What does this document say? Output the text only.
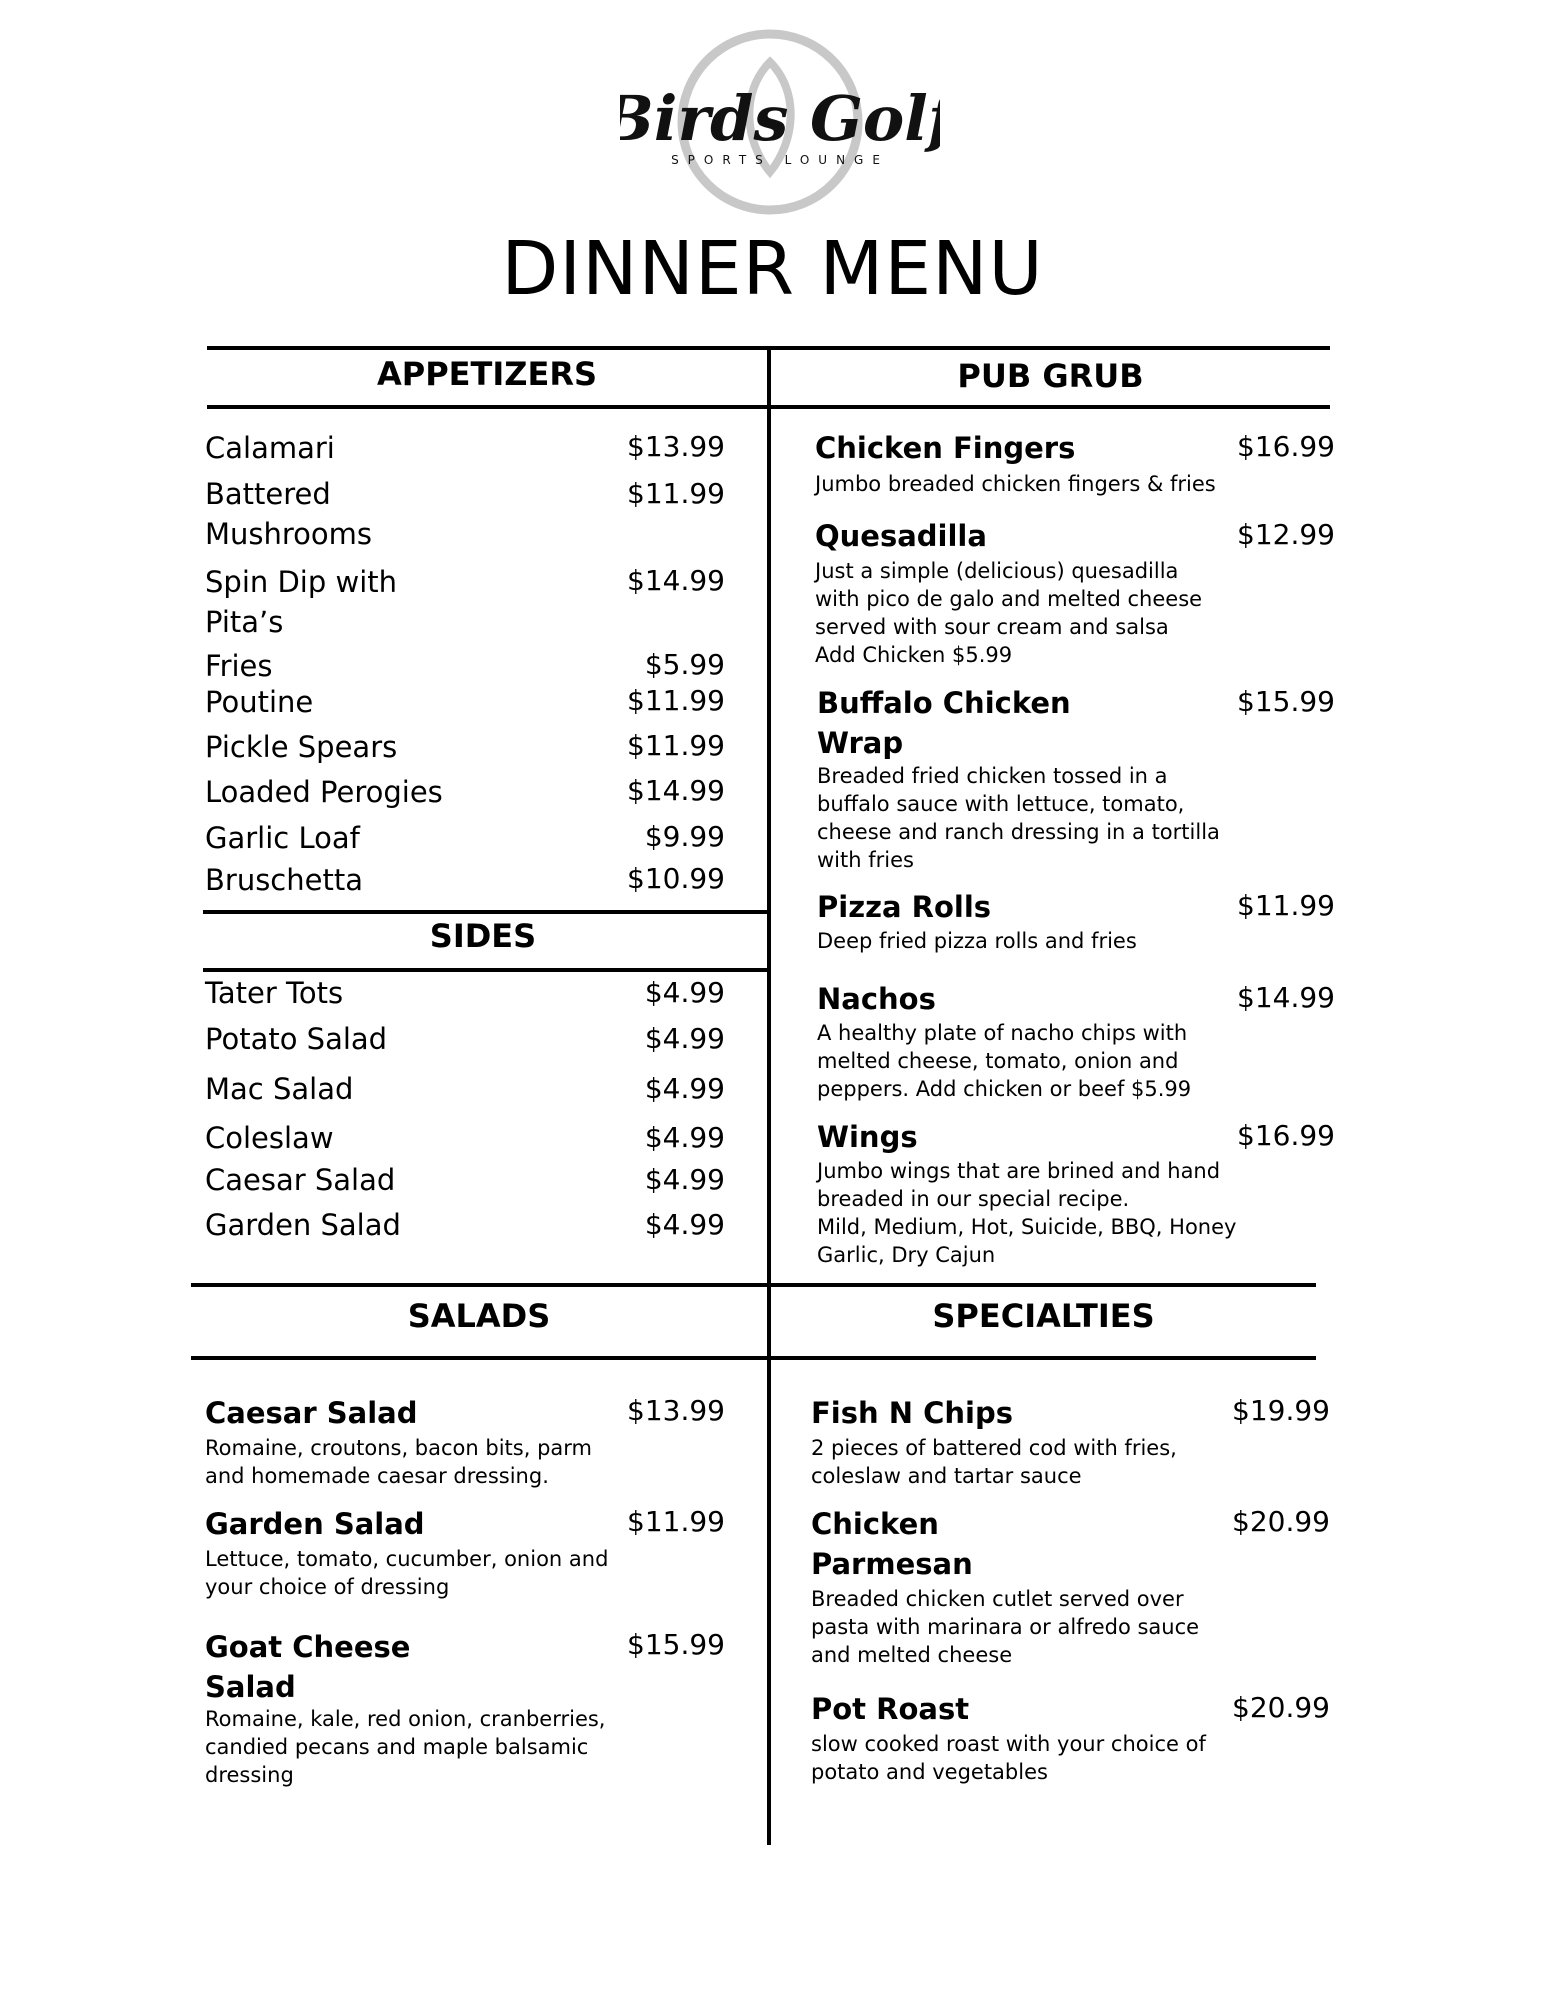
Birds Golf
SPORTS LOUNGE
DINNER MENU
APPETIZERS	PUB GRUB
SIDES
SALADS	SPECIALTIES
Calamari	$13.99
Battered Mushrooms
$11.99
Spin Dip with Pita’s
$14.99
Fries	$5.99
Poutine	$11.99
Pickle Spears	$11.99
Loaded Perogies	$14.99
Garlic Loaf	$9.99
Bruschetta	$10.99
Tater Tots	$4.99
Potato Salad	$4.99
Mac Salad	$4.99
Coleslaw	$4.99
Caesar Salad	$4.99
Garden Salad	$4.99
Chicken Fingers	$16.99
Jumbo breaded chicken fingers & fries
Quesadilla	$12.99
Just a simple (delicious) quesadilla
with pico de galo and melted cheese
served with sour cream and salsa
Add Chicken $5.99
Buffalo Chicken Wrap
$15.99
Breaded fried chicken tossed in a
buffalo sauce with lettuce, tomato,
cheese and ranch dressing in a tortilla
with fries
Pizza Rolls	$11.99
Deep fried pizza rolls and fries
Nachos	$14.99
A healthy plate of nacho chips with
melted cheese, tomato, onion and
peppers. Add chicken or beef $5.99
Wings	$16.99
Jumbo wings that are brined and hand
breaded in our special recipe.
Mild, Medium, Hot, Suicide, BBQ, Honey
Garlic, Dry Cajun
Caesar Salad	$13.99
Romaine, croutons, bacon bits, parm
and homemade caesar dressing.
Garden Salad	$11.99
Lettuce, tomato, cucumber, onion and
your choice of dressing
Goat Cheese Salad
$15.99
Romaine, kale, red onion, cranberries,
candied pecans and maple balsamic
dressing
Fish N Chips	$19.99
2 pieces of battered cod with fries,
coleslaw and tartar sauce
Chicken Parmesan
$20.99
Breaded chicken cutlet served over
pasta with marinara or alfredo sauce
and melted cheese
Pot Roast	$20.99
slow cooked roast with your choice of
potato and vegetables
